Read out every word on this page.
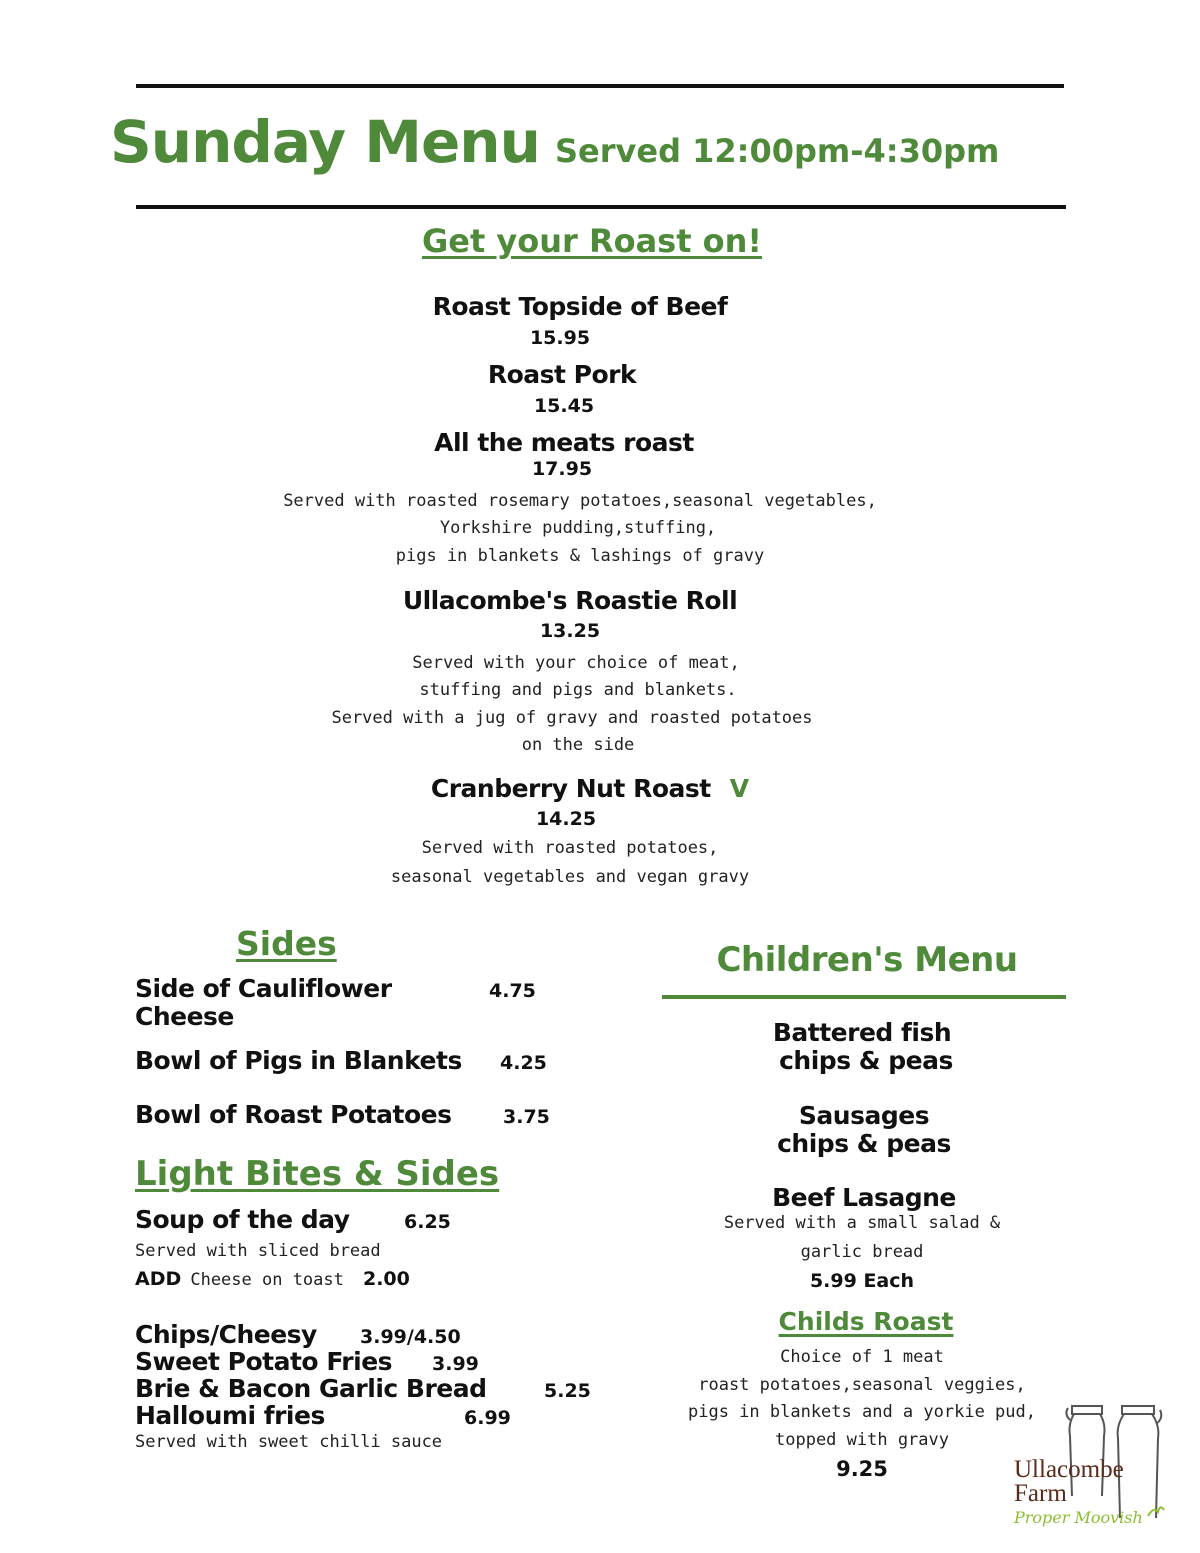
Sunday Menu Served 12:00pm-4:30pm
Get your Roast on!
Roast Topside of Beef
15.95
Roast Pork
15.45
All the meats roast
17.95
Served with roasted rosemary potatoes,seasonal vegetables,
Yorkshire pudding,stuffing,
pigs in blankets & lashings of gravy
Ullacombe's Roastie Roll
13.25
Served with your choice of meat,
stuffing and pigs and blankets.
Served with a jug of gravy and roasted potatoes
on the side
Cranberry Nut Roast V
14.25
Served with roasted potatoes,
seasonal vegetables and vegan gravy
Sides
Side of Cauliflower
Cheese
4.75
Bowl of Pigs in Blankets 4.25
Bowl of Roast Potatoes	3.75
Light Bites & Sides
Soup of the day	6.25
Served with sliced bread
ADD Cheese on toast 2.00
Chips/Cheesy 3.99/4.50
Sweet Potato Fries 3.99
Brie & Bacon Garlic Bread	5.25
Halloumi fries	6.99
Served with sweet chilli sauce
Children's Menu
Battered fish
chips & peas
Sausages
chips & peas
Beef Lasagne
Served with a small salad &
garlic bread
5.99 Each
Childs Roast
Choice of 1 meat
roast potatoes,seasonal veggies,
pigs in blankets and a yorkie pud,
topped with gravy
9.25	Ullacombe
Farm
Proper Moovish
